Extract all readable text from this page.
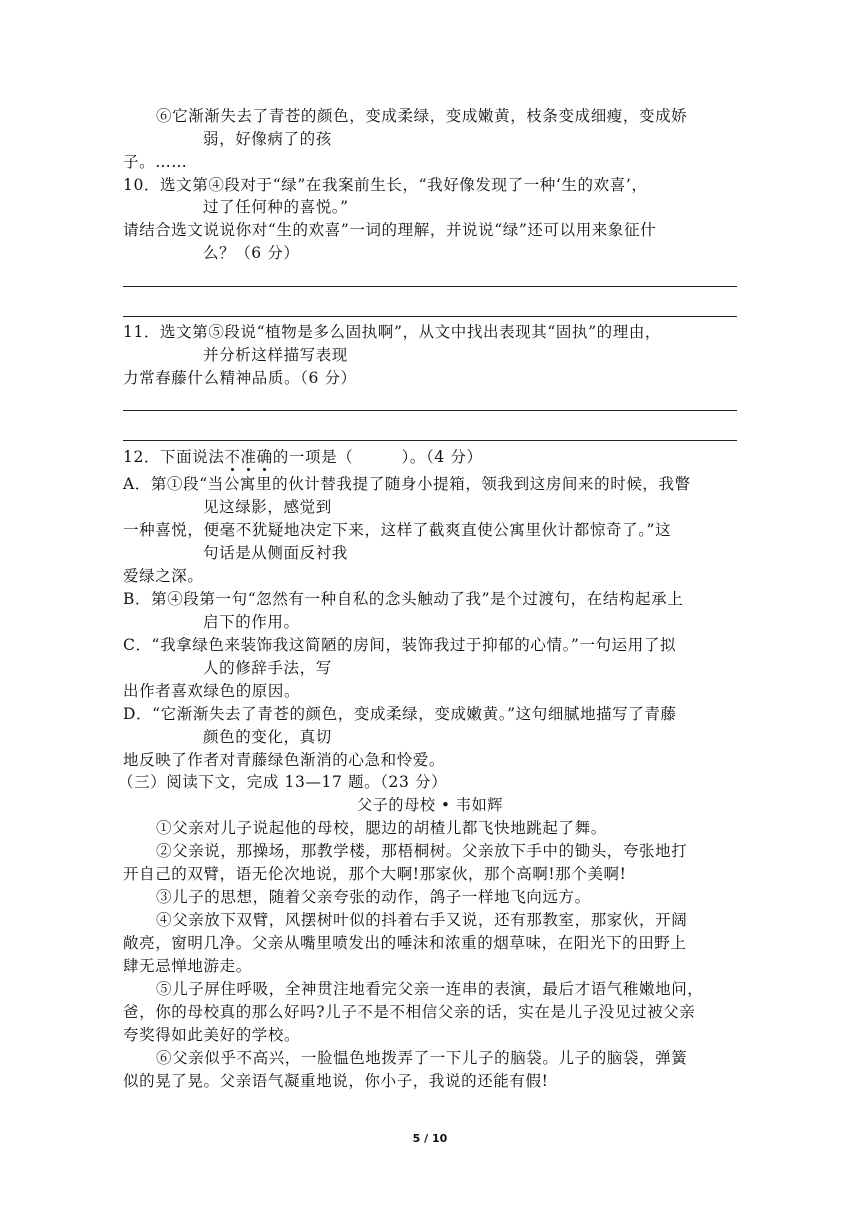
⑥它渐渐失去了青苍的颜色，变成柔绿，变成嫩黄，枝条变成细瘦，变成娇
弱，好像病了的孩
子。……
10．选文第④段对于“绿”在我案前生长，“我好像发现了一种‘生的欢喜’，
过了任何种的喜悦。”
请结合选文说说你对“生的欢喜”一词的理解，并说说“绿”还可以用来象征什
么？（6 分）
11．选文第⑤段说“植物是多么固执啊”，从文中找出表现其“固执”的理由，
并分析这样描写表现
力常春藤什么精神品质。（6 分）
12．下面说法不准确的一项是（　　　）。（4 分）
A．第①段“当公寓里的伙计替我提了随身小提箱，领我到这房间来的时候，我瞥
见这绿影，感觉到
一种喜悦，便毫不犹疑地决定下来，这样了截爽直使公寓里伙计都惊奇了。”这
句话是从侧面反衬我
爱绿之深。
B．第④段第一句“忽然有一种自私的念头触动了我”是个过渡句，在结构起承上
启下的作用。
C．“我拿绿色来装饰我这简陋的房间，装饰我过于抑郁的心情。”一句运用了拟
人的修辞手法，写
出作者喜欢绿色的原因。
D．“它渐渐失去了青苍的颜色，变成柔绿，变成嫩黄。”这句细腻地描写了青藤
颜色的变化，真切
地反映了作者对青藤绿色渐消的心急和怜爱。
（三）阅读下文，完成 13—17 题。（23 分）
父子的母校 • 韦如辉
①父亲对儿子说起他的母校，腮边的胡楂儿都飞快地跳起了舞。
②父亲说，那操场，那教学楼，那梧桐树。父亲放下手中的锄头，夸张地打
开自己的双臂，语无伦次地说，那个大啊!那家伙，那个高啊!那个美啊!
③儿子的思想，随着父亲夸张的动作，鸽子一样地飞向远方。
④父亲放下双臂，风摆树叶似的抖着右手又说，还有那教室，那家伙，开阔
敞亮，窗明几净。父亲从嘴里喷发出的唾沫和浓重的烟草味，在阳光下的田野上
肆无忌惮地游走。
⑤儿子屏住呼吸，全神贯注地看完父亲一连串的表演，最后才语气稚嫩地问，
爸，你的母校真的那么好吗?儿子不是不相信父亲的话，实在是儿子没见过被父亲
夸奖得如此美好的学校。
⑥父亲似乎不高兴，一脸愠色地拨弄了一下儿子的脑袋。儿子的脑袋，弹簧
似的晃了晃。父亲语气凝重地说，你小子，我说的还能有假!
5 / 10
